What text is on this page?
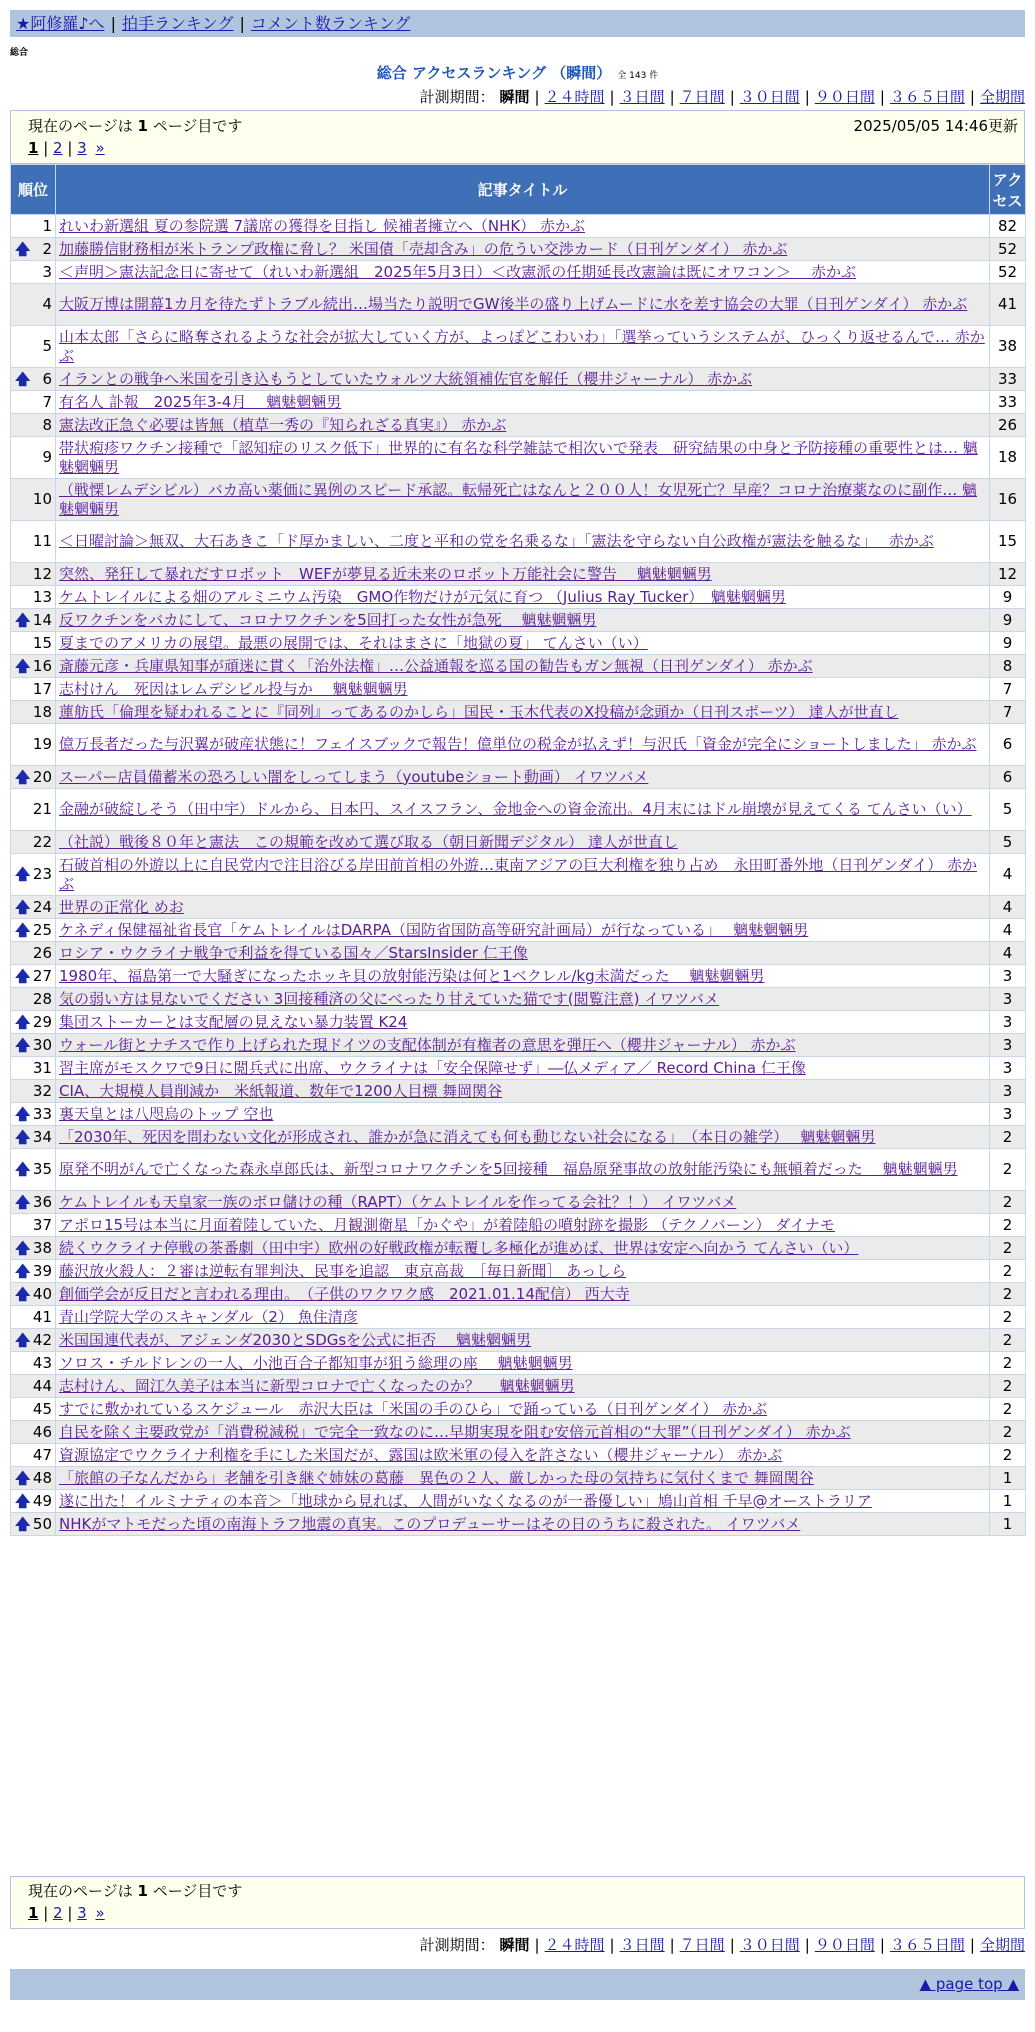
★阿修羅♪へ | 拍手ランキング | コメント数ランキング
総合
総合 アクセスランキング （瞬間） 全 143 件
計測期間： 瞬間 | ２４時間 | ３日間 | ７日間 | ３０日間 | ９０日間 | ３６５日間 | 全期間
現在のページは 1 ページ目です	2025/05/05 14:46更新
1 | 2 | 3 »
順位	記事タイトル	アクセス
1	れいわ新選組 夏の参院選 7議席の獲得を目指し 候補者擁立へ（NHK） 赤かぶ	82

🡅 2	加藤勝信財務相が米トランプ政権に脅し？ 米国債「売却含み」の危うい交渉カード（日刊ゲンダイ） 赤かぶ	52
3	＜声明＞憲法記念日に寄せて（れいわ新選組　2025年5月3日）＜改憲派の任期延長改憲論は既にオワコン＞　 赤かぶ	52
4	大阪万博は開幕1カ月を待たずトラブル続出…場当たり説明でGW後半の盛り上げムードに水を差す協会の大罪（日刊ゲンダイ） 赤かぶ	41
5	山本太郎「さらに略奪されるような社会が拡大していく方が、よっぽどこわいわ」「選挙っていうシステムが、ひっくり返せるんで… 赤かぶ	38

🡅 6	イランとの戦争へ米国を引き込もうとしていたウォルツ大統領補佐官を解任（櫻井ジャーナル） 赤かぶ	33
7	有名人 訃報　2025年3-4月　 魑魅魍魎男	33
8	憲法改正急ぐ必要は皆無（植草一秀の『知られざる真実』） 赤かぶ	26
9	帯状疱疹ワクチン接種で「認知症のリスク低下」世界的に有名な科学雑誌で相次いで発表　研究結果の中身と予防接種の重要性とは… 魑魅魍魎男	18
10	（戦慄レムデシビル）バカ高い薬価に異例のスピード承認。転帰死亡はなんと２００人！女児死亡？早産？コロナ治療薬なのに副作… 魑魅魍魎男	16
11	＜日曜討論＞無双、大石あきこ「ド厚かましい、二度と平和の党を名乗るな」「憲法を守らない自公政権が憲法を触るな」　 赤かぶ	15
12	突然、発狂して暴れだすロボット　WEFが夢見る近未来のロボット万能社会に警告　 魑魅魍魎男	12
13	ケムトレイルによる畑のアルミニウム汚染　GMO作物だけが元気に育つ （Julius Ray Tucker）　魑魅魍魎男	9

🡅 14	反ワクチンをバカにして、コロナワクチンを5回打った女性が急死　 魑魅魍魎男	9
15	夏までのアメリカの展望。最悪の展開では、それはまさに「地獄の夏」 てんさい（い）	9

🡅 16	斎藤元彦・兵庫県知事が頑迷に貫く「治外法権」…公益通報を巡る国の勧告もガン無視（日刊ゲンダイ） 赤かぶ	8
17	志村けん　死因はレムデシビル投与か　 魑魅魍魎男	7
18	蓮舫氏「倫理を疑われることに『同列』ってあるのかしら」国民・玉木代表のX投稿が念頭か（日刊スポーツ） 達人が世直し	7
19	億万長者だった与沢翼が破産状態に！フェイスブックで報告！億単位の税金が払えず！与沢氏「資金が完全にショートしました」 赤かぶ	6

🡅 20	スーパー店員備蓄米の恐ろしい闇をしってしまう（youtubeショート動画） イワツバメ	6
21	金融が破綻しそう（田中宇）ドルから、日本円、スイスフラン、金地金への資金流出。4月末にはドル崩壊が見えてくる てんさい（い）	5
22	（社説）戦後８０年と憲法　この規範を改めて選び取る（朝日新聞デジタル） 達人が世直し	5

🡅 23	石破首相の外遊以上に自民党内で注目浴びる岸田前首相の外遊…東南アジアの巨大利権を独り占め　永田町番外地（日刊ゲンダイ） 赤かぶ	4

🡅 24	世界の正常化 めお	4

🡅 25	ケネディ保健福祉省長官「ケムトレイルはDARPA（国防省国防高等研究計画局）が行なっている」　 魑魅魍魎男	4
26	ロシア・ウクライナ戦争で利益を得ている国々／StarsInsider 仁王像	4

🡅 27	1980年、福島第一で大騒ぎになったホッキ貝の放射能汚染は何と1ベクレル/kg未満だった　 魑魅魍魎男	3
28	気の弱い方は見ないでください 3回接種済の父にべったり甘えていた猫です(閲覧注意) イワツバメ	3

🡅 29	集団ストーカーとは支配層の見えない暴力装置 K24	3

🡅 30	ウォール街とナチスで作り上げられた現ドイツの支配体制が有権者の意思を弾圧へ（櫻井ジャーナル） 赤かぶ	3
31	習主席がモスクワで9日に閲兵式に出席、ウクライナは「安全保障せず」―仏メディア／ Record China 仁王像	3
32	CIA、大規模人員削減か　米紙報道、数年で1200人目標 舞岡関谷	3

🡅 33	裏天皇とは八咫烏のトップ 空也	3

🡅 34	「2030年、死因を問わない文化が形成され、誰かが急に消えても何も動じない社会になる」　（本日の雑学）　 魑魅魍魎男	2

🡅 35	原発不明がんで亡くなった森永卓郎氏は、新型コロナワクチンを5回接種　福島原発事故の放射能汚染にも無頓着だった　 魑魅魍魎男	2

🡅 36	ケムトレイルも天皇家一族のボロ儲けの種（RAPT）（ケムトレイルを作ってる会社？！） イワツバメ	2
37	アポロ15号は本当に月面着陸していた、月観測衛星「かぐや」が着陸船の噴射跡を撮影 （テクノバーン） ダイナモ	2

🡅 38	続くウクライナ停戦の茶番劇（田中宇）欧州の好戦政権が転覆し多極化が進めば、世界は安定へ向かう てんさい（い）	2

🡅 39	藤沢放火殺人：２審は逆転有罪判決、民事を追認　東京高裁　［毎日新聞］ あっしら	2

🡅 40	創価学会が反日だと言われる理由。　（子供のワクワク感　2021.01.14配信） 西大寺	2
41	青山学院大学のスキャンダル（2） 魚住清彦	2

🡅 42	米国国連代表が、アジェンダ2030とSDGsを公式に拒否　 魑魅魍魎男	2
43	ソロス・チルドレンの一人、小池百合子都知事が狙う総理の座　 魑魅魍魎男	2
44	志村けん、岡江久美子は本当に新型コロナで亡くなったのか？　 魑魅魍魎男	2
45	すでに敷かれているスケジュール　赤沢大臣は「米国の手のひら」で踊っている（日刊ゲンダイ） 赤かぶ	2
46	自民を除く主要政党が「消費税減税」で完全一致なのに…早期実現を阻む安倍元首相の“大罪”（日刊ゲンダイ） 赤かぶ	2
47	資源協定でウクライナ利権を手にした米国だが、露国は欧米軍の侵入を許さない（櫻井ジャーナル） 赤かぶ	2

🡅 48	「旅館の子なんだから」老舗を引き継ぐ姉妹の葛藤　異色の２人、厳しかった母の気持ちに気付くまで 舞岡関谷	1

🡅 49	遂に出た！イルミナティの本音＞「地球から見れば、人間がいなくなるのが一番優しい」鳩山首相 千早@オーストラリア	1

🡅 50	NHKがマトモだった頃の南海トラフ地震の真実。このプロデューサーはその日のうちに殺された。 イワツバメ	1
現在のページは 1 ページ目です
1 | 2 | 3 »
計測期間： 瞬間 | ２４時間 | ３日間 | ７日間 | ３０日間 | ９０日間 | ３６５日間 | 全期間
▲ page top ▲
